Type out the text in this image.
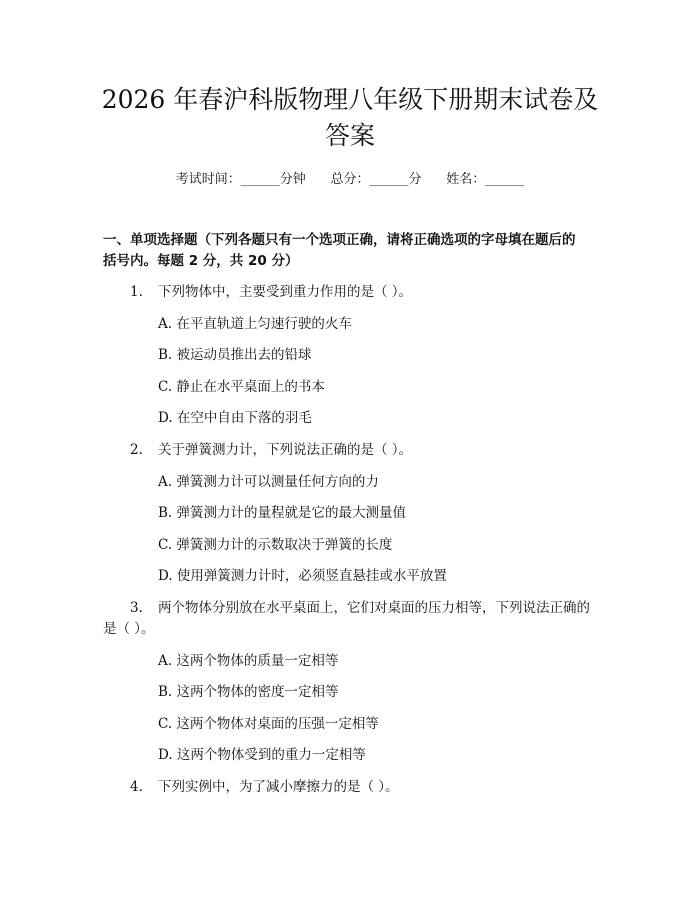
2026 年春沪科版物理八年级下册期末试卷及
答案
考试时间：______分钟      总分：______分      姓名：______
一、单项选择题（下列各题只有一个选项正确，请将正确选项的字母填在题后的
括号内。每题 2 分，共 20 分）
1. 下列物体中，主要受到重力作用的是（ ）。
A. 在平直轨道上匀速行驶的火车
B. 被运动员推出去的铅球
C. 静止在水平桌面上的书本
D. 在空中自由下落的羽毛
2. 关于弹簧测力计，下列说法正确的是（ ）。
A. 弹簧测力计可以测量任何方向的力
B. 弹簧测力计的量程就是它的最大测量值
C. 弹簧测力计的示数取决于弹簧的长度
D. 使用弹簧测力计时，必须竖直悬挂或水平放置
3. 两个物体分别放在水平桌面上，它们对桌面的压力相等，下列说法正确的
是（ ）。
A. 这两个物体的质量一定相等
B. 这两个物体的密度一定相等
C. 这两个物体对桌面的压强一定相等
D. 这两个物体受到的重力一定相等
4. 下列实例中，为了减小摩擦力的是（ ）。
